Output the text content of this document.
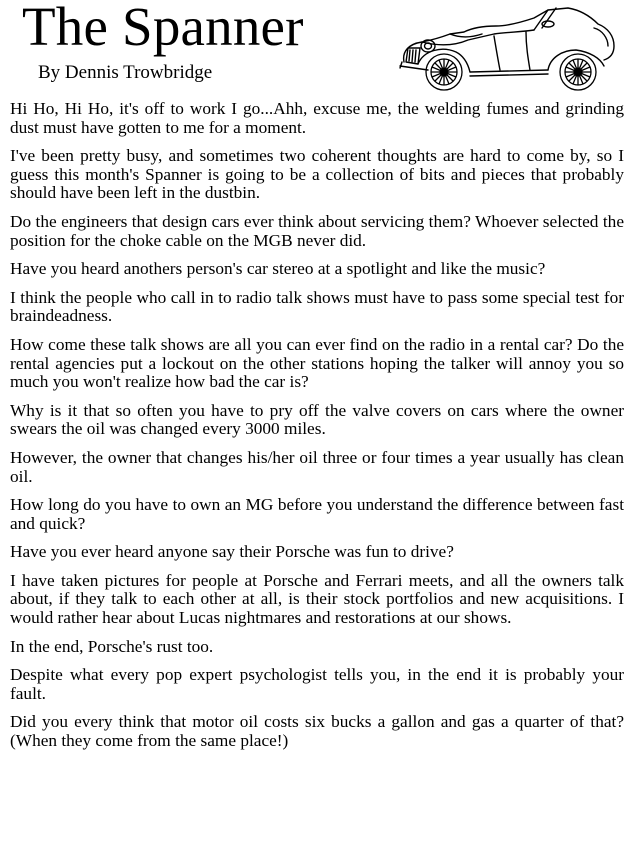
The Spanner
By Dennis Trowbridge

Hi Ho, Hi Ho, it's off to work I go...Ahh, excuse me, the welding fumes and grinding dust must have gotten to me for a moment.

I've been pretty busy, and sometimes two coherent thoughts are hard to come by, so I guess this month's Spanner is going to be a collection of bits and pieces that probably should have been left in the dustbin.

Do the engineers that design cars ever think about servicing them? Whoever selected the position for the choke cable on the MGB never did.

Have you heard anothers person's car stereo at a spotlight and like the music?

I think the people who call in to radio talk shows must have to pass some special test for braindeadness.

How come these talk shows are all you can ever find on the radio in a rental car? Do the rental agencies put a lockout on the other stations hoping the talker will annoy you so much you won't realize how bad the car is?

Why is it that so often you have to pry off the valve covers on cars where the owner swears the oil was changed every 3000 miles.

However, the owner that changes his/her oil three or four times a year usually has clean oil.

How long do you have to own an MG before you understand the difference between fast and quick?

Have you ever heard anyone say their Porsche was fun to drive?

I have taken pictures for people at Porsche and Ferrari meets, and all the owners talk about, if they talk to each other at all, is their stock portfolios and new acquisitions. I would rather hear about Lucas nightmares and restorations at our shows.

In the end, Porsche's rust too.

Despite what every pop expert psychologist tells you, in the end it is probably your fault.

Did you every think that motor oil costs six bucks a gallon and gas a quarter of that? (When they come from the same place!)
